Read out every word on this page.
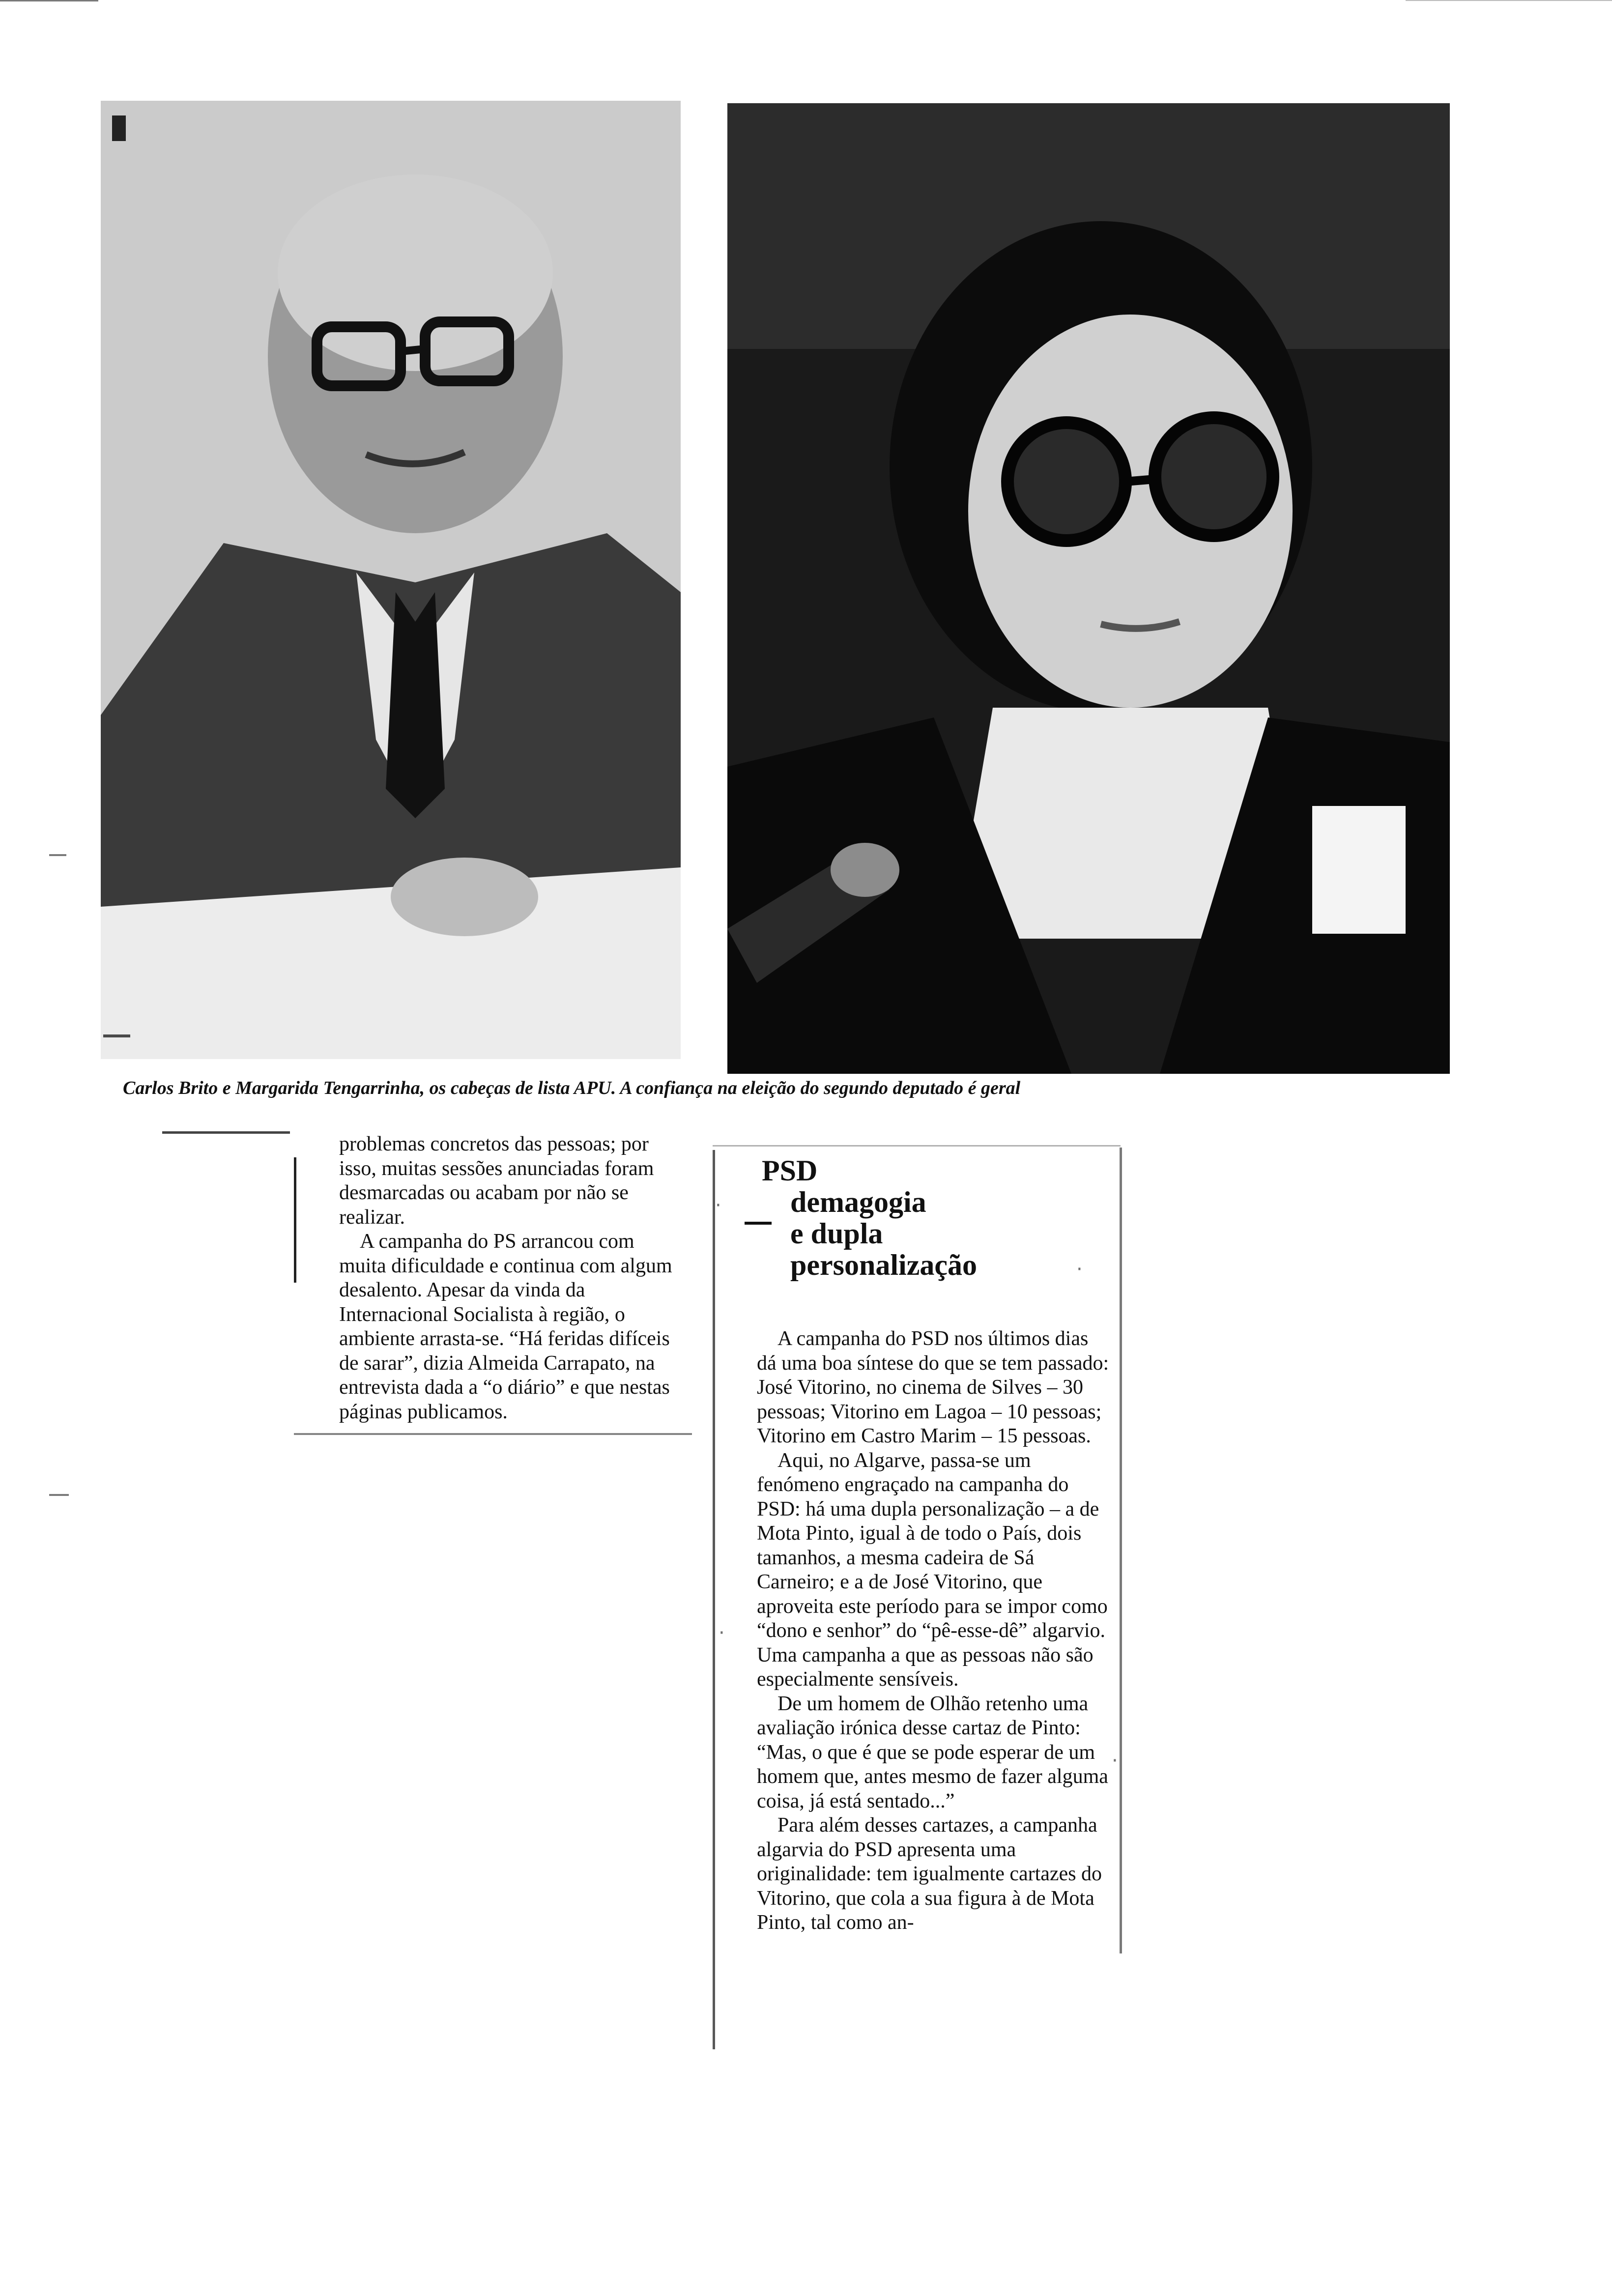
Carlos Brito e Margarida Tengarrinha, os cabeças de lista APU. A confiança na eleição do segundo deputado é geral

problemas concretos das pessoas; por isso, muitas sessões anunciadas foram desmarcadas ou acabam por não se realizar.

A campanha do PS arrancou com muita dificuldade e continua com algum desalento. Apesar da vinda da Internacional Socialista à região, o ambiente arrasta-se. “Há feridas difíceis de sarar”, dizia Almeida Carrapato, na entrevista dada a “o diário” e que nestas páginas publicamos.

PSD
demagogia
e dupla
personalização

A campanha do PSD nos últimos dias dá uma boa síntese do que se tem passado: José Vitorino, no cinema de Silves – 30 pessoas; Vitorino em Lagoa – 10 pessoas; Vitorino em Castro Marim – 15 pessoas.

Aqui, no Algarve, passa-se um fenómeno engraçado na campanha do PSD: há uma dupla personalização – a de Mota Pinto, igual à de todo o País, dois tamanhos, a mesma cadeira de Sá Carneiro; e a de José Vitorino, que aproveita este período para se impor como “dono e senhor” do “pê-esse-dê” algarvio. Uma campanha a que as pessoas não são especialmente sensíveis.

De um homem de Olhão retenho uma avaliação irónica desse cartaz de Pinto: “Mas, o que é que se pode esperar de um homem que, antes mesmo de fazer alguma coisa, já está sentado...”

Para além desses cartazes, a campanha algarvia do PSD apresenta uma originalidade: tem igualmente cartazes do Vitorino, que cola a sua figura à de Mota Pinto, tal como an-

·
·
·
·
